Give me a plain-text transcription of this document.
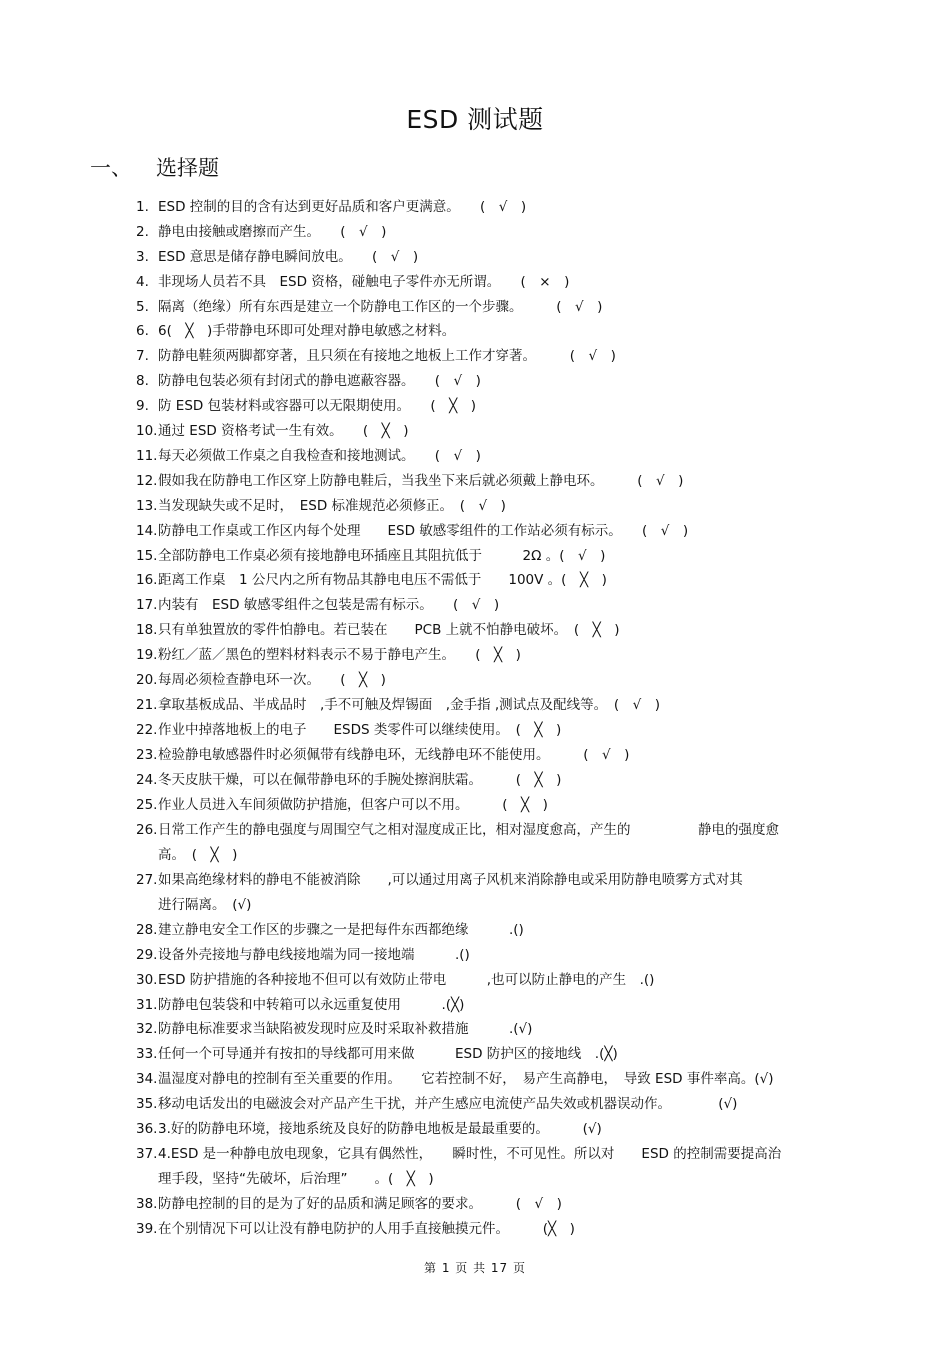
ESD 测试题
一、 选择题
1. ESD 控制的目的含有达到更好品质和客户更满意。　　(　√　)
2. 静电由接触或磨擦而产生。　　(　√　)
3. ESD 意思是储存静电瞬间放电。　　(　√　)
4. 非现场人员若不具　ESD 资格，碰触电子零件亦无所谓。　　(　×　)
5. 隔离（绝缘）所有东西是建立一个防静电工作区的一个步骤。　　　(　√　)
6. 6(　╳　)手带静电环即可处理对静电敏感之材料。
7. 防静电鞋须两脚都穿著，且只须在有接地之地板上工作才穿著。　　　(　√　)
8. 防静电包装必须有封闭式的静电遮蔽容器。　　(　√　)
9. 防 ESD 包装材料或容器可以无限期使用。　　(　╳　)
10.通过 ESD 资格考试一生有效。　　(　╳　)
11.每天必须做工作桌之自我检查和接地测试。　　(　√　)
12.假如我在防静电工作区穿上防静电鞋后，当我坐下来后就必须戴上静电环。　　　(　√　)
13.当发现缺失或不足时，　ESD 标准规范必须修正。　(　√　)
14.防静电工作桌或工作区内每个处理　　ESD 敏感零组件的工作站必须有标示。　　(　√　)
15.全部防静电工作桌必须有接地静电环插座且其阻抗低于　　　2Ω 。(　√　)
16.距离工作桌　1 公尺内之所有物品其静电电压不需低于　　100V 。(　╳　)
17.内装有　ESD 敏感零组件之包装是需有标示。　　(　√　)
18.只有单独置放的零件怕静电。若已装在　　PCB 上就不怕静电破坏。　(　╳　)
19.粉红／蓝／黑色的塑料材料表示不易于静电产生。　　(　╳　)
20.每周必须检查静电环一次。　　(　╳　)
21.拿取基板成品、半成品时　,手不可触及焊锡面　,金手指 ,测试点及配线等。　(　√　)
22.作业中掉落地板上的电子　　ESDS 类零件可以继续使用。　(　╳　)
23.检验静电敏感器件时必须佩带有线静电环，无线静电环不能使用。　　　(　√　)
24.冬天皮肤干燥，可以在佩带静电环的手腕处擦润肤霜。　　　(　╳　)
25.作业人员进入车间须做防护措施，但客户可以不用。　　　(　╳　)
26.日常工作产生的静电强度与周围空气之相对湿度成正比，相对湿度愈高，产生的　　　　　静电的强度愈
高。　(　╳　)
27.如果高绝缘材料的静电不能被消除　　,可以通过用离子风机来消除静电或采用防静电喷雾方式对其
进行隔离。　(√)
28.建立静电安全工作区的步骤之一是把每件东西都绝缘　　　.()
29.设备外壳接地与静电线接地端为同一接地端　　　.()
30.ESD 防护措施的各种接地不但可以有效防止带电　　　,也可以防止静电的产生　.()
31.防静电包装袋和中转箱可以永远重复使用　　　.(╳)
32.防静电标准要求当缺陷被发现时应及时采取补救措施　　　.(√)
33.任何一个可导通并有按扣的导线都可用来做　　　ESD 防护区的接地线　.(╳)
34.温湿度对静电的控制有至关重要的作用。　　它若控制不好，　易产生高静电，　导致 ESD 事件率高。(√)
35.移动电话发出的电磁波会对产品产生干扰，并产生感应电流使产品失效或机器误动作。　　　　(√)
36.3.好的防静电环境，接地系统及良好的防静电地板是最最重要的。　　　(√)
37.4.ESD 是一种静电放电现象，它具有偶然性，　　瞬时性，不可见性。所以对　　ESD 的控制需要提高治
理手段，坚持“先破坏，后治理”　　。(　╳　)
38.防静电控制的目的是为了好的品质和满足顾客的要求。　　　(　√　)
39.在个别情况下可以让没有静电防护的人用手直接触摸元件。　　　(╳　)
第 1 页 共 17 页
